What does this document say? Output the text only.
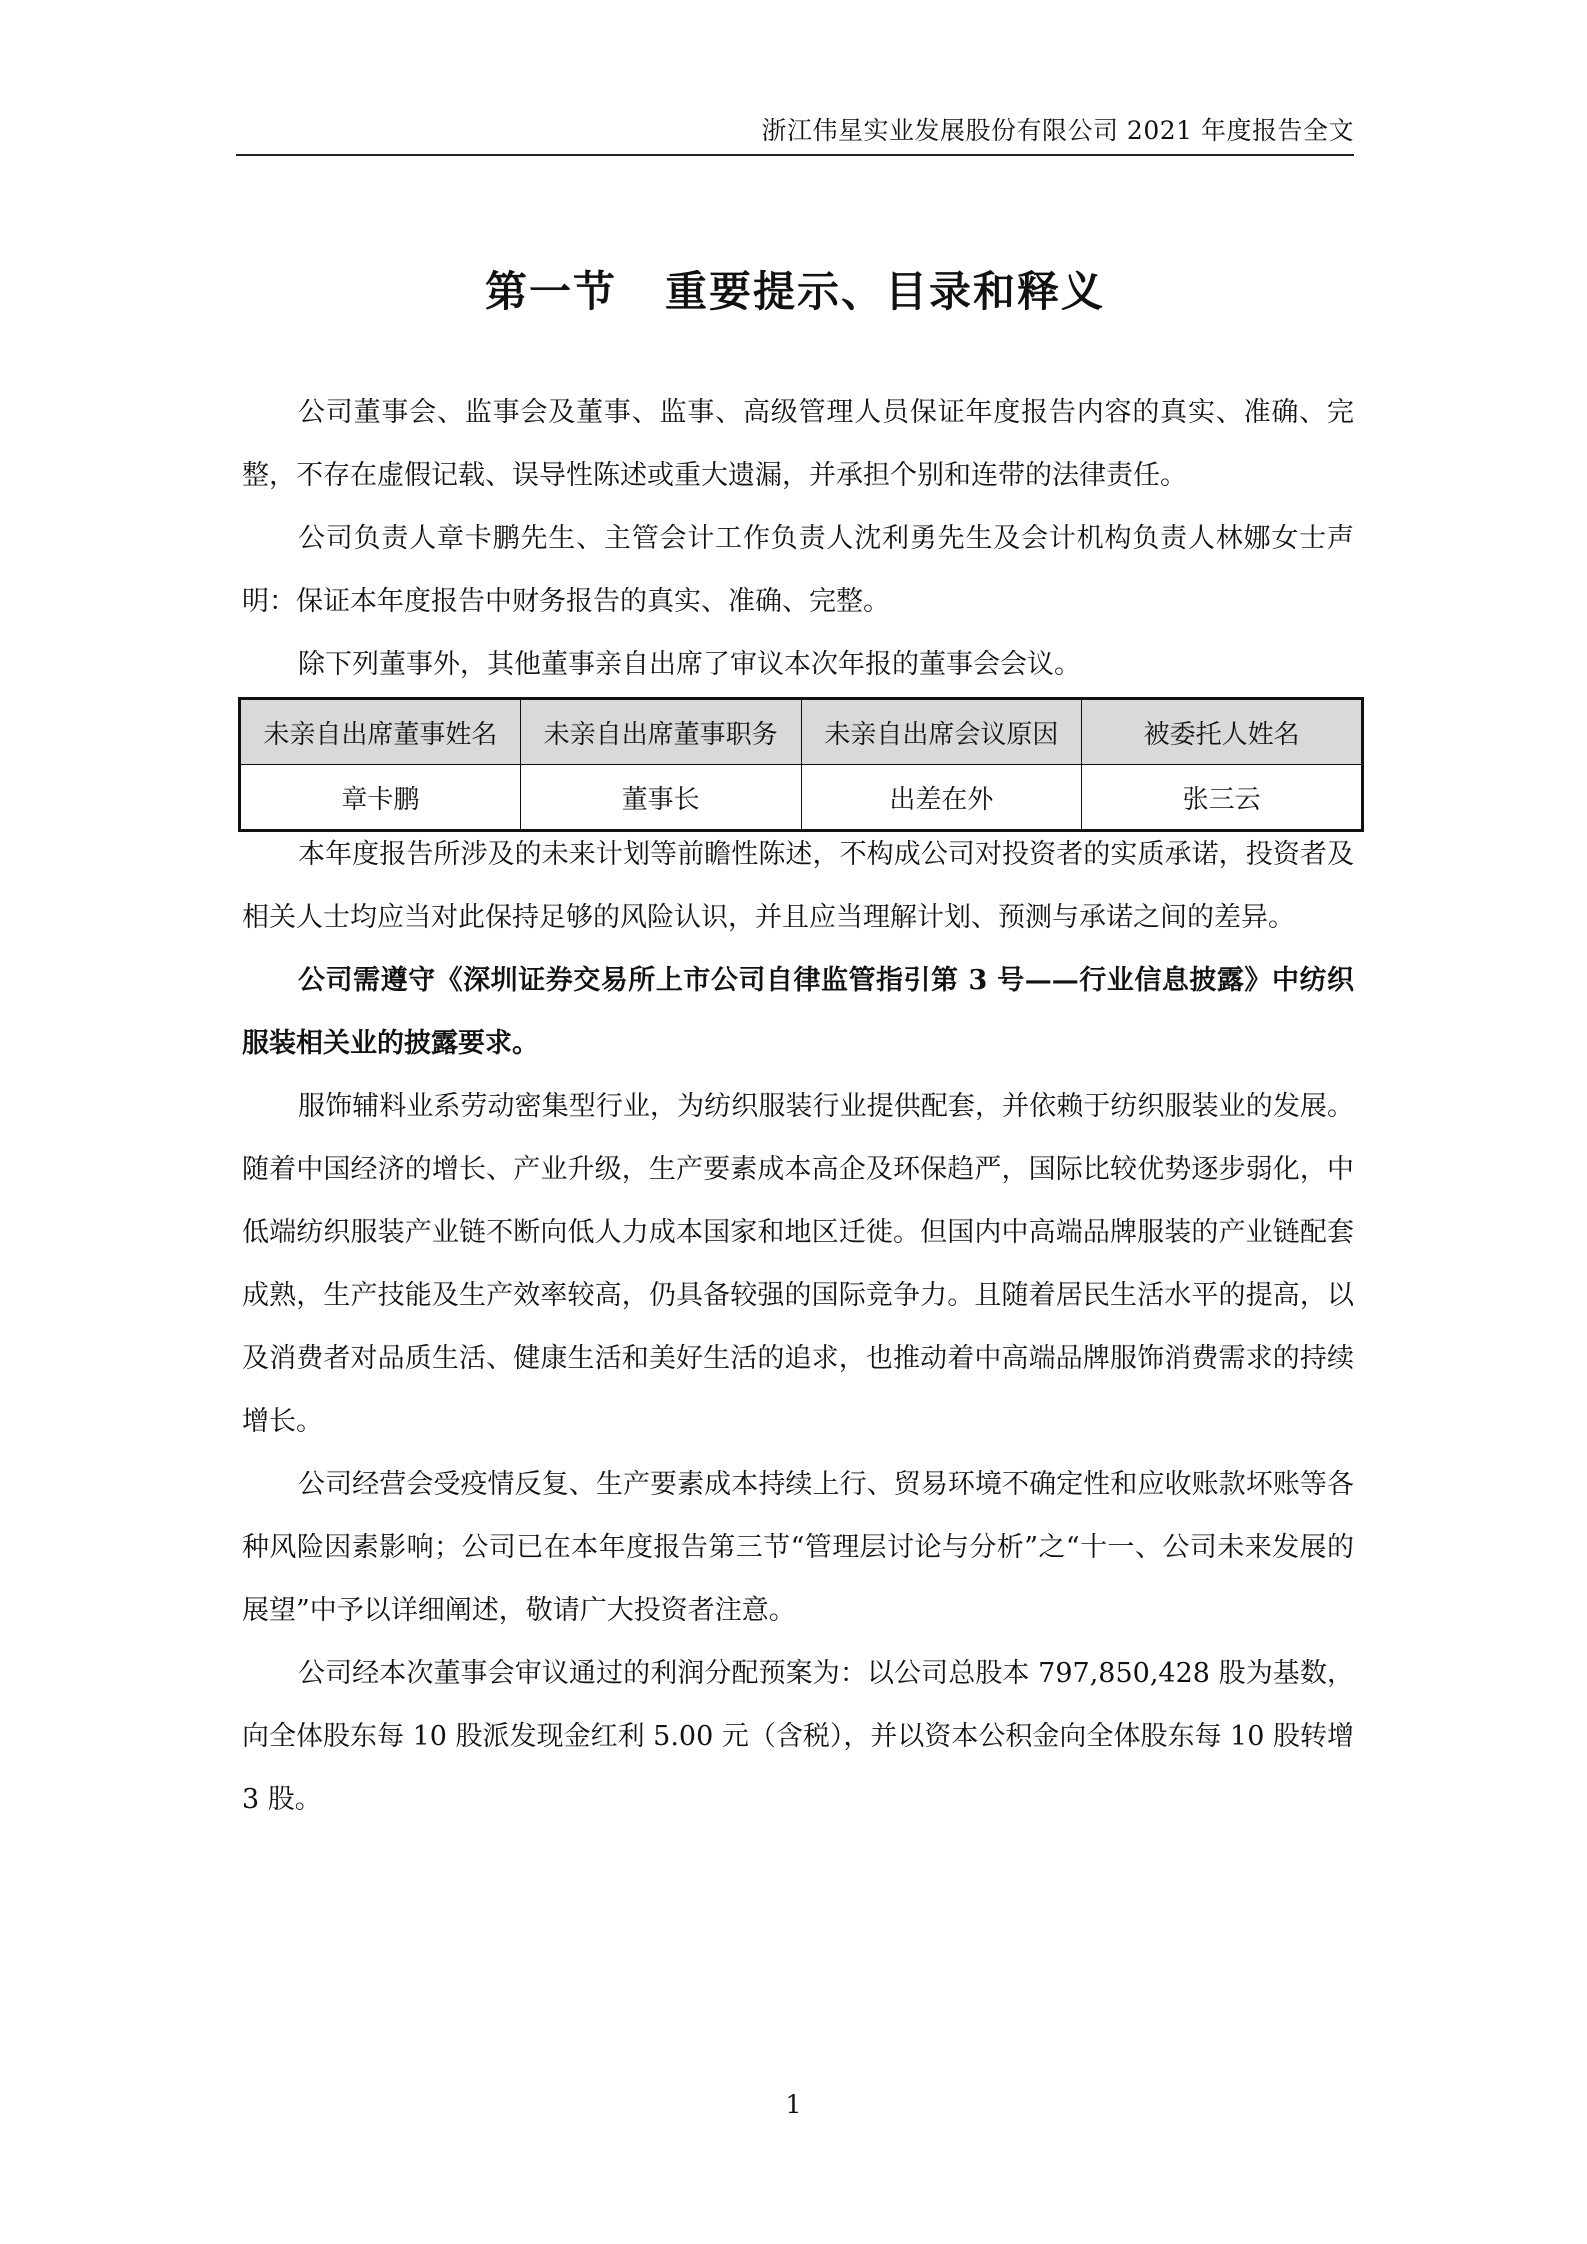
浙江伟星实业发展股份有限公司 2021 年度报告全文
第一节 重要提示、目录和释义

公司董事会、监事会及董事、监事、高级管理人员保证年度报告内容的真实、准确、完整，不存在虚假记载、误导性陈述或重大遗漏，并承担个别和连带的法律责任。

公司负责人章卡鹏先生、主管会计工作负责人沈利勇先生及会计机构负责人林娜女士声明：保证本年度报告中财务报告的真实、准确、完整。

除下列董事外，其他董事亲自出席了审议本次年报的董事会会议。

未亲自出席董事姓名	未亲自出席董事职务	未亲自出席会议原因	被委托人姓名
章卡鹏	董事长	出差在外	张三云

本年度报告所涉及的未来计划等前瞻性陈述，不构成公司对投资者的实质承诺，投资者及相关人士均应当对此保持足够的风险认识，并且应当理解计划、预测与承诺之间的差异。

公司需遵守《深圳证券交易所上市公司自律监管指引第 3 号——行业信息披露》中纺织服装相关业的披露要求。

服饰辅料业系劳动密集型行业，为纺织服装行业提供配套，并依赖于纺织服装业的发展。随着中国经济的增长、产业升级，生产要素成本高企及环保趋严，国际比较优势逐步弱化，中低端纺织服装产业链不断向低人力成本国家和地区迁徙。但国内中高端品牌服装的产业链配套成熟，生产技能及生产效率较高，仍具备较强的国际竞争力。且随着居民生活水平的提高，以及消费者对品质生活、健康生活和美好生活的追求，也推动着中高端品牌服饰消费需求的持续增长。

公司经营会受疫情反复、生产要素成本持续上行、贸易环境不确定性和应收账款坏账等各种风险因素影响；公司已在本年度报告第三节“管理层讨论与分析”之“十一、公司未来发展的展望”中予以详细阐述，敬请广大投资者注意。

公司经本次董事会审议通过的利润分配预案为：以公司总股本 797,850,428 股为基数，向全体股东每 10 股派发现金红利 5.00 元（含税），并以资本公积金向全体股东每 10 股转增 3 股。

1
